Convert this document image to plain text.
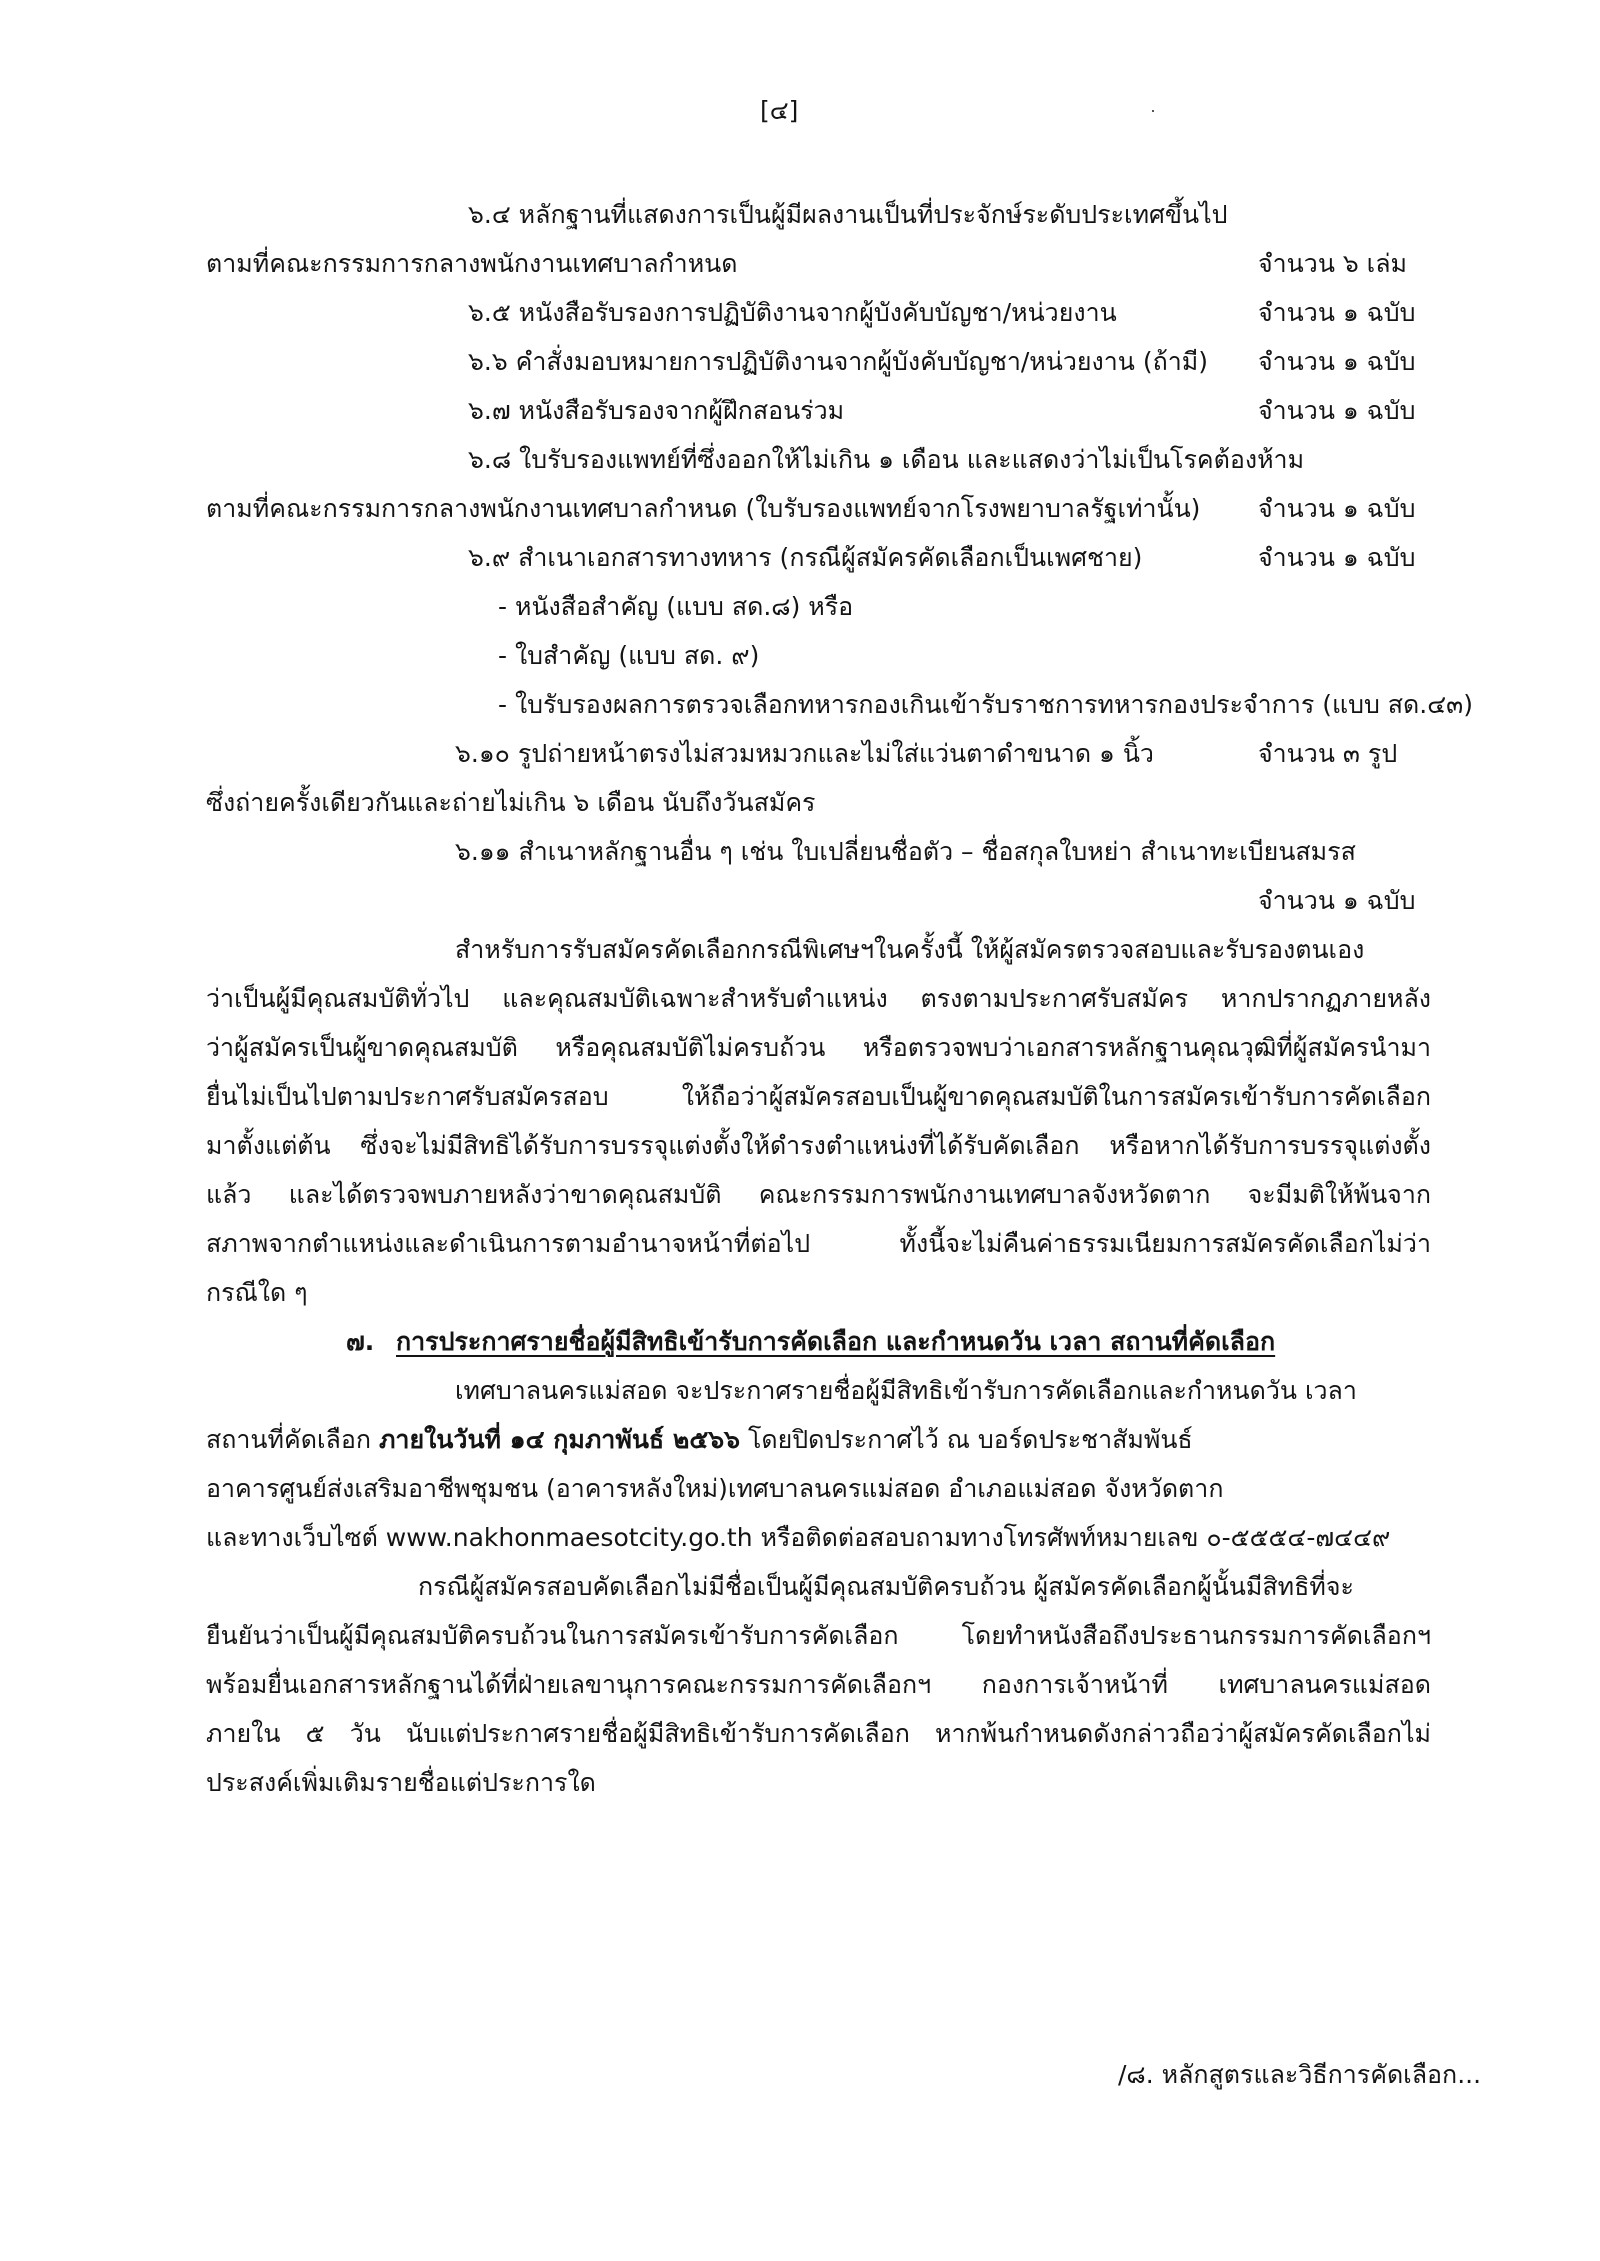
[๔]

๖.๔ หลักฐานที่แสดงการเป็นผู้มีผลงานเป็นที่ประจักษ์ระดับประเทศขึ้นไป

ตามที่คณะกรรมการกลางพนักงานเทศบาลกำหนด	จำนวน ๖ เล่ม

๖.๕ หนังสือรับรองการปฏิบัติงานจากผู้บังคับบัญชา/หน่วยงาน	จำนวน ๑ ฉบับ

๖.๖ คำสั่งมอบหมายการปฏิบัติงานจากผู้บังคับบัญชา/หน่วยงาน (ถ้ามี) จำนวน ๑ ฉบับ

๖.๗ หนังสือรับรองจากผู้ฝึกสอนร่วม	จำนวน ๑ ฉบับ

๖.๘ ใบรับรองแพทย์ที่ซึ่งออกให้ไม่เกิน ๑ เดือน และแสดงว่าไม่เป็นโรคต้องห้าม

ตามที่คณะกรรมการกลางพนักงานเทศบาลกำหนด (ใบรับรองแพทย์จากโรงพยาบาลรัฐเท่านั้น) จำนวน ๑ ฉบับ

๖.๙ สำเนาเอกสารทางทหาร (กรณีผู้สมัครคัดเลือกเป็นเพศชาย)	จำนวน ๑ ฉบับ

- หนังสือสำคัญ (แบบ สด.๘) หรือ

- ใบสำคัญ (แบบ สด. ๙)

- ใบรับรองผลการตรวจเลือกทหารกองเกินเข้ารับราชการทหารกองประจำการ (แบบ สด.๔๓)

๖.๑๐ รูปถ่ายหน้าตรงไม่สวมหมวกและไม่ใส่แว่นตาดำขนาด ๑ นิ้ว	จำนวน ๓ รูป

ซึ่งถ่ายครั้งเดียวกันและถ่ายไม่เกิน ๖ เดือน นับถึงวันสมัคร

๖.๑๑ สำเนาหลักฐานอื่น ๆ เช่น ใบเปลี่ยนชื่อตัว – ชื่อสกุลใบหย่า สำเนาทะเบียนสมรส

จำนวน ๑ ฉบับ

สำหรับการรับสมัครคัดเลือกกรณีพิเศษฯในครั้งนี้ ให้ผู้สมัครตรวจสอบและรับรองตนเอง

ว่าเป็นผู้มีคุณสมบัติทั่วไป และคุณสมบัติเฉพาะสำหรับตำแหน่ง ตรงตามประกาศรับสมัคร หากปรากฏภายหลัง

ว่าผู้สมัครเป็นผู้ขาดคุณสมบัติ หรือคุณสมบัติไม่ครบถ้วน หรือตรวจพบว่าเอกสารหลักฐานคุณวุฒิที่ผู้สมัครนำมา

ยื่นไม่เป็นไปตามประกาศรับสมัครสอบ ให้ถือว่าผู้สมัครสอบเป็นผู้ขาดคุณสมบัติในการสมัครเข้ารับการคัดเลือก

มาตั้งแต่ต้น ซึ่งจะไม่มีสิทธิได้รับการบรรจุแต่งตั้งให้ดำรงตำแหน่งที่ได้รับคัดเลือก หรือหากได้รับการบรรจุแต่งตั้ง

แล้ว และได้ตรวจพบภายหลังว่าขาดคุณสมบัติ คณะกรรมการพนักงานเทศบาลจังหวัดตาก จะมีมติให้พ้นจาก

สภาพจากตำแหน่งและดำเนินการตามอำนาจหน้าที่ต่อไป ทั้งนี้จะไม่คืนค่าธรรมเนียมการสมัครคัดเลือกไม่ว่า

กรณีใด ๆ

๗. การประกาศรายชื่อผู้มีสิทธิเข้ารับการคัดเลือก และกำหนดวัน เวลา สถานที่คัดเลือก

เทศบาลนครแม่สอด จะประกาศรายชื่อผู้มีสิทธิเข้ารับการคัดเลือกและกำหนดวัน เวลา

สถานที่คัดเลือก ภายในวันที่ ๑๔ กุมภาพันธ์ ๒๕๖๖ โดยปิดประกาศไว้ ณ บอร์ดประชาสัมพันธ์

อาคารศูนย์ส่งเสริมอาชีพชุมชน (อาคารหลังใหม่)เทศบาลนครแม่สอด อำเภอแม่สอด จังหวัดตาก

และทางเว็บไซต์ www.nakhonmaesotcity.go.th หรือติดต่อสอบถามทางโทรศัพท์หมายเลข ๐-๕๕๕๔-๗๔๔๙

กรณีผู้สมัครสอบคัดเลือกไม่มีชื่อเป็นผู้มีคุณสมบัติครบถ้วน ผู้สมัครคัดเลือกผู้นั้นมีสิทธิที่จะ

ยืนยันว่าเป็นผู้มีคุณสมบัติครบถ้วนในการสมัครเข้ารับการคัดเลือก โดยทำหนังสือถึงประธานกรรมการคัดเลือกฯ

พร้อมยื่นเอกสารหลักฐานได้ที่ฝ่ายเลขานุการคณะกรรมการคัดเลือกฯ กองการเจ้าหน้าที่ เทศบาลนครแม่สอด

ภายใน ๕ วัน นับแต่ประกาศรายชื่อผู้มีสิทธิเข้ารับการคัดเลือก หากพ้นกำหนดดังกล่าวถือว่าผู้สมัครคัดเลือกไม่

ประสงค์เพิ่มเติมรายชื่อแต่ประการใด

/๘. หลักสูตรและวิธีการคัดเลือก...
